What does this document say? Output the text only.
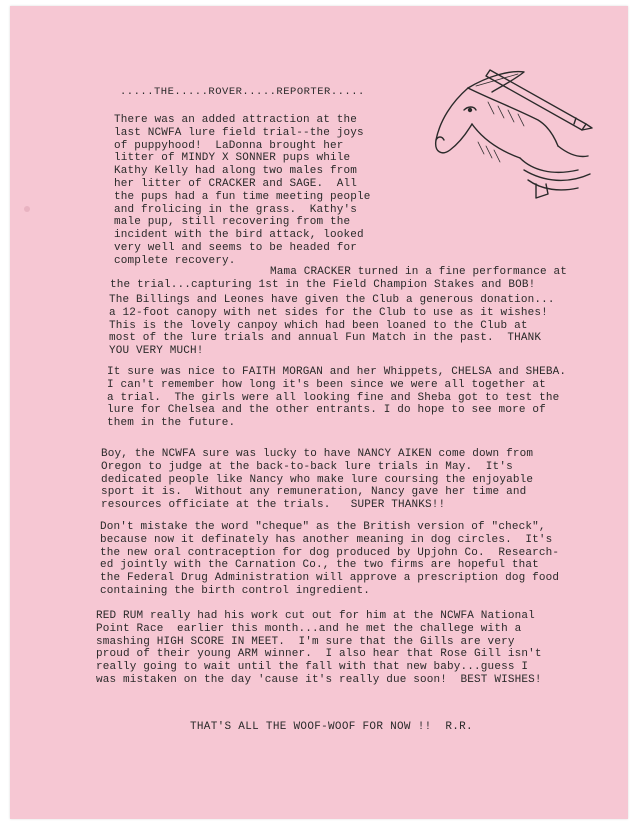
.....THE.....ROVER.....REPORTER.....
There was an added attraction at the
last NCWFA lure field trial--the joys
of puppyhood!  LaDonna brought her
litter of MINDY X SONNER pups while
Kathy Kelly had along two males from
her litter of CRACKER and SAGE.  All
the pups had a fun time meeting people
and frolicing in the grass.  Kathy's
male pup, still recovering from the
incident with the bird attack, looked
very well and seems to be headed for
complete recovery.
Mama CRACKER turned in a fine performance at
the trial...capturing 1st in the Field Champion Stakes and BOB!
The Billings and Leones have given the Club a generous donation...
a 12-foot canopy with net sides for the Club to use as it wishes!
This is the lovely canpoy which had been loaned to the Club at
most of the lure trials and annual Fun Match in the past.  THANK
YOU VERY MUCH!
It sure was nice to FAITH MORGAN and her Whippets, CHELSA and SHEBA.
I can't remember how long it's been since we were all together at
a trial.  The girls were all looking fine and Sheba got to test the
lure for Chelsea and the other entrants. I do hope to see more of
them in the future.
Boy, the NCWFA sure was lucky to have NANCY AIKEN come down from
Oregon to judge at the back-to-back lure trials in May.  It's
dedicated people like Nancy who make lure coursing the enjoyable
sport it is.  Without any remuneration, Nancy gave her time and
resources officiate at the trials.   SUPER THANKS!!
Don't mistake the word "cheque" as the British version of "check",
because now it definately has another meaning in dog circles.  It's
the new oral contraception for dog produced by Upjohn Co.  Research-
ed jointly with the Carnation Co., the two firms are hopeful that
the Federal Drug Administration will approve a prescription dog food
containing the birth control ingredient.
RED RUM really had his work cut out for him at the NCWFA National
Point Race  earlier this month...and he met the challege with a
smashing HIGH SCORE IN MEET.  I'm sure that the Gills are very
proud of their young ARM winner.  I also hear that Rose Gill isn't
really going to wait until the fall with that new baby...guess I
was mistaken on the day 'cause it's really due soon!  BEST WISHES!
THAT'S ALL THE WOOF-WOOF FOR NOW !!  R.R.
